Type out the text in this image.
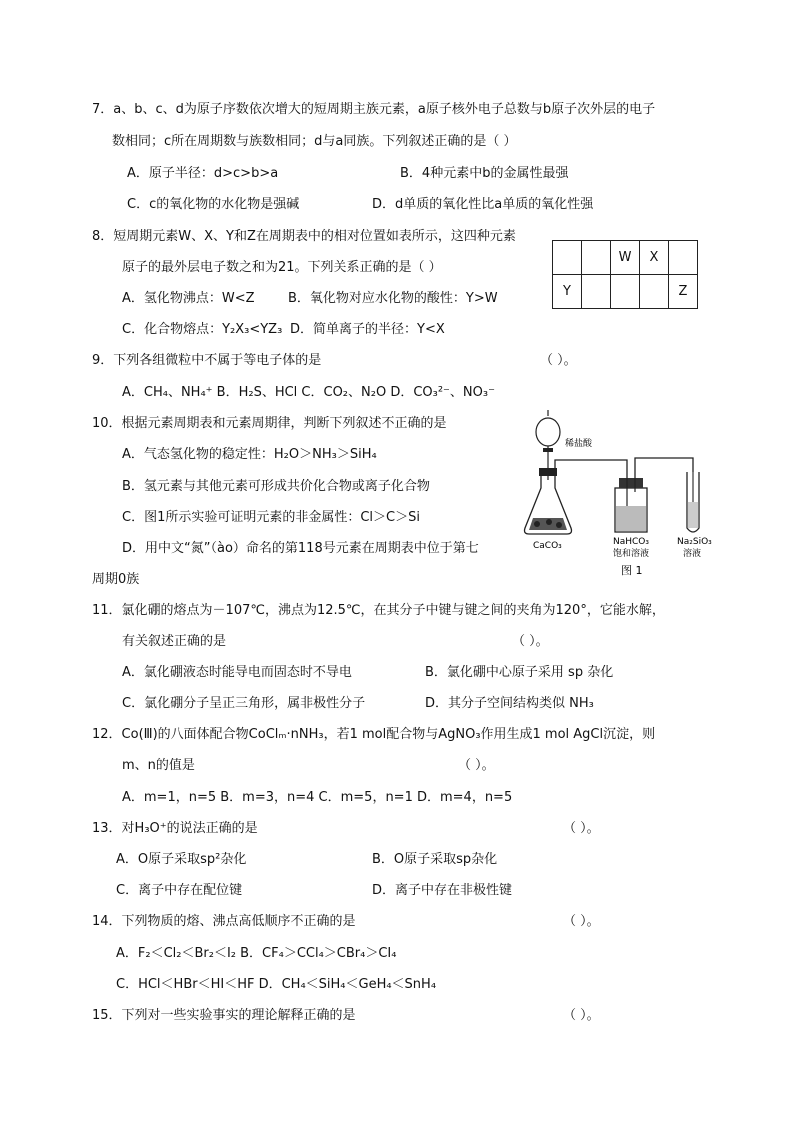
7．a、b、c、d为原子序数依次增大的短周期主族元素，a原子核外电子总数与b原子次外层的电子
数相同；c所在周期数与族数相同；d与a同族。下列叙述正确的是（ ）
A．原子半径：d>c>b>a	B．4种元素中b的金属性最强
C．c的氧化物的水化物是强碱	D．d单质的氧化性比a单质的氧化性强
8．短周期元素W、X、Y和Z在周期表中的相对位置如表所示，这四种元素
原子的最外层电子数之和为21。下列关系正确的是（ ）
A．氢化物沸点：W<Z	B．氧化物对应水化物的酸性：Y>W
C．化合物熔点：Y₂X₃<YZ₃ D．简单离子的半径：Y<X
		W	X	
Y				Z
9．下列各组微粒中不属于等电子体的是	（ ）。
A．CH₄、NH₄⁺ B．H₂S、HCl C．CO₂、N₂O D．CO₃²⁻、NO₃⁻
10．根据元素周期表和元素周期律，判断下列叙述不正确的是
A．气态氢化物的稳定性：H₂O＞NH₃＞SiH₄
B．氢元素与其他元素可形成共价化合物或离子化合物
C．图1所示实验可证明元素的非金属性：Cl＞C＞Si
D．用中文“氮”（ào）命名的第118号元素在周期表中位于第七
周期0族
稀盐酸
CaCO₃	NaHCO₃
饱和溶液
Na₂SiO₃
溶液
图 1
11．氯化硼的熔点为－107℃，沸点为12.5℃，在其分子中键与键之间的夹角为120°，它能水解，
有关叙述正确的是	（ ）。
A．氯化硼液态时能导电而固态时不导电	B．氯化硼中心原子采用 sp 杂化
C．氯化硼分子呈正三角形，属非极性分子	D．其分子空间结构类似 NH₃
12．Co(Ⅲ)的八面体配合物CoClₘ·nNH₃，若1 mol配合物与AgNO₃作用生成1 mol AgCl沉淀，则
m、n的值是	（ ）。
A．m=1，n=5 B．m=3，n=4 C．m=5，n=1 D．m=4，n=5
13．对H₃O⁺的说法正确的是	（ ）。
A．O原子采取sp²杂化	B．O原子采取sp杂化
C．离子中存在配位键	D．离子中存在非极性键
14．下列物质的熔、沸点高低顺序不正确的是	（ ）。
A．F₂＜Cl₂＜Br₂＜I₂ B．CF₄＞CCl₄＞CBr₄＞CI₄
C．HCl＜HBr＜HI＜HF D．CH₄＜SiH₄＜GeH₄＜SnH₄
15．下列对一些实验事实的理论解释正确的是	（ ）。
